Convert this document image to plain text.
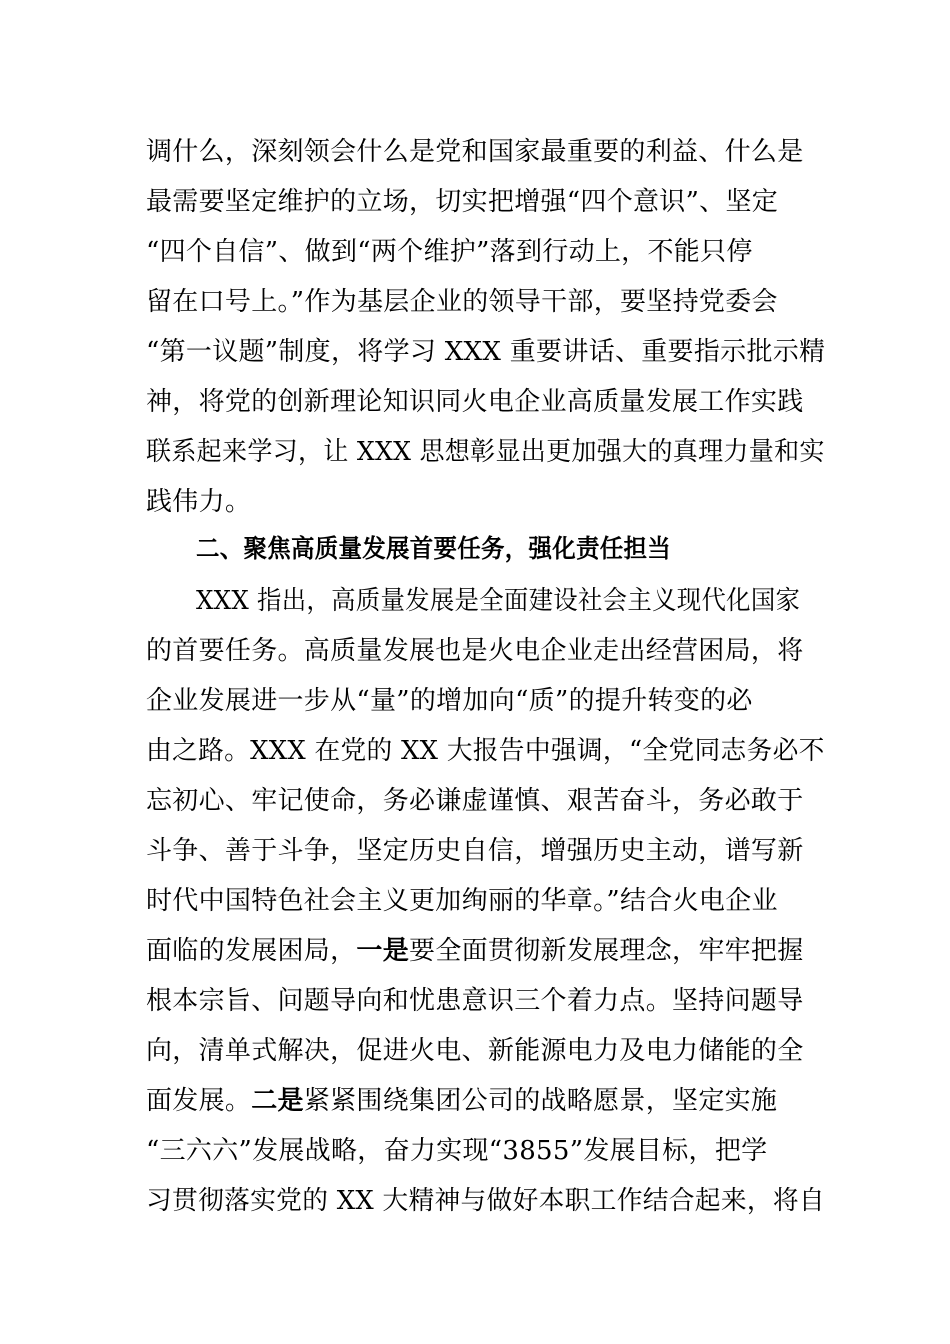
调什么，深刻领会什么是党和国家最重要的利益、什么是
最需要坚定维护的立场，切实把增强“四个意识”、坚定
“四个自信”、做到“两个维护”落到行动上，不能只停
留在口号上。”作为基层企业的领导干部，要坚持党委会
“第一议题”制度，将学习 XXX 重要讲话、重要指示批示精
神，将党的创新理论知识同火电企业高质量发展工作实践
联系起来学习，让 XXX 思想彰显出更加强大的真理力量和实
践伟力。
二、聚焦高质量发展首要任务，强化责任担当
XXX 指出，高质量发展是全面建设社会主义现代化国家
的首要任务。高质量发展也是火电企业走出经营困局，将
企业发展进一步从“量”的增加向“质”的提升转变的必
由之路。XXX 在党的 XX 大报告中强调，“全党同志务必不
忘初心、牢记使命，务必谦虚谨慎、艰苦奋斗，务必敢于
斗争、善于斗争，坚定历史自信，增强历史主动，谱写新
时代中国特色社会主义更加绚丽的华章。”结合火电企业
面临的发展困局，一是要全面贯彻新发展理念，牢牢把握
根本宗旨、问题导向和忧患意识三个着力点。坚持问题导
向，清单式解决，促进火电、新能源电力及电力储能的全
面发展。二是紧紧围绕集团公司的战略愿景，坚定实施
“三六六”发展战略，奋力实现“3855”发展目标，把学
习贯彻落实党的 XX 大精神与做好本职工作结合起来，将自
